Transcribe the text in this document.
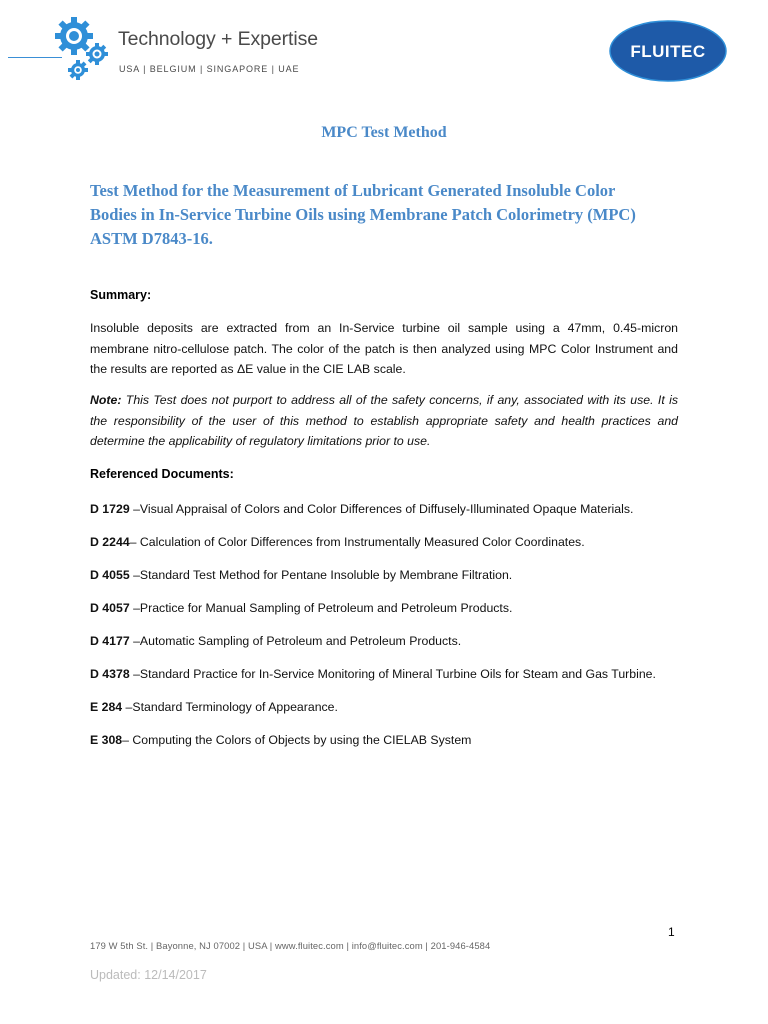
Technology + Expertise
USA | BELGIUM | SINGAPORE | UAE
FLUITEC
MPC Test Method
Test Method for the Measurement of Lubricant Generated Insoluble Color Bodies in In-Service Turbine Oils using Membrane Patch Colorimetry (MPC) ASTM D7843-16.
Summary:
Insoluble deposits are extracted from an In-Service turbine oil sample using a 47mm, 0.45-micron membrane nitro-cellulose patch. The color of the patch is then analyzed using MPC Color Instrument and the results are reported as ΔE value in the CIE LAB scale.
Note: This Test does not purport to address all of the safety concerns, if any, associated with its use. It is the responsibility of the user of this method to establish appropriate safety and health practices and determine the applicability of regulatory limitations prior to use.
Referenced Documents:
D 1729 –Visual Appraisal of Colors and Color Differences of Diffusely-Illuminated Opaque Materials.
D 2244– Calculation of Color Differences from Instrumentally Measured Color Coordinates.
D 4055 –Standard Test Method for Pentane Insoluble by Membrane Filtration.
D 4057 –Practice for Manual Sampling of Petroleum and Petroleum Products.
D 4177 –Automatic Sampling of Petroleum and Petroleum Products.
D 4378 –Standard Practice for In-Service Monitoring of Mineral Turbine Oils for Steam and Gas Turbine.
E 284 –Standard Terminology of Appearance.
E 308– Computing the Colors of Objects by using the CIELAB System
1
179 W 5th St. | Bayonne, NJ 07002 | USA | www.fluitec.com | info@fluitec.com | 201-946-4584
Updated: 12/14/2017
